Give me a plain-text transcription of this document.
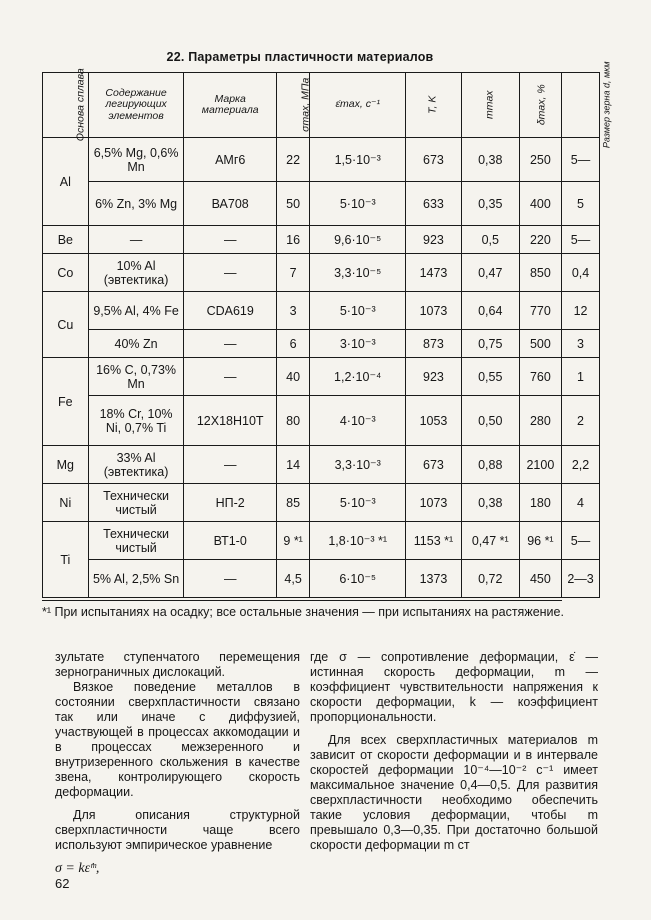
22. Параметры пластичности материалов
Основа сплава	Содержание легирующих элементов	Марка материала	σmax, МПа	ε̇max, с⁻¹	T, K	mmax	δmax, %	Размер зерна d, мкм
Al	6,5% Mg, 0,6% Mn	АМг6	22	1,5·10⁻³	673	0,38	250	5—
	6% Zn, 3% Mg	ВА708	50	5·10⁻³	633	0,35	400	5
Be	—	—	16	9,6·10⁻⁵	923	0,5	220	5—
Co	10% Al (эвтектика)	—	7	3,3·10⁻⁵	1473	0,47	850	0,4
Cu	9,5% Al, 4% Fe	CDA619	3	5·10⁻³	1073	0,64	770	12
	40% Zn	—	6	3·10⁻³	873	0,75	500	3
Fe	16% C, 0,73% Mn	—	40	1,2·10⁻⁴	923	0,55	760	1
	18% Cr, 10% Ni, 0,7% Ti	12Х18Н10Т	80	4·10⁻³	1053	0,50	280	2
Mg	33% Al (эвтектика)	—	14	3,3·10⁻³	673	0,88	2100	2,2
Ni	Технически чистый	НП-2	85	5·10⁻³	1073	0,38	180	4
Ti	Технически чистый	ВТ1-0	9 *¹	1,8·10⁻³ *¹	1153 *¹	0,47 *¹	96 *¹	5—
	5% Al, 2,5% Sn	—	4,5	6·10⁻⁵	1373	0,72	450	2—3
*¹ При испытаниях на осадку; все остальные значения — при испытаниях на растяжение.

зультате ступенчатого перемещения зернограничных дислокаций.

Вязкое поведение металлов в состоянии сверхпластичности связано так или иначе с диффузией, участвующей в процессах аккомодации и в процессах межзеренного и внутризеренного скольжения в качестве звена, контролирующего скорость деформации.

Для описания структурной сверхпластичности чаще всего используют эмпирическое уравнение

σ = kε̇ᵐ,

62

где σ — сопротивление деформации, ε̇ — истинная скорость деформации, m — коэффициент чувствительности напряжения к скорости деформации, k — коэффициент пропорциональности.

Для всех сверхпластичных материалов m зависит от скорости деформации и в интервале скоростей деформации 10⁻⁴—10⁻² с⁻¹ имеет максимальное значение 0,4—0,5. Для развития сверхпластичности необходимо обеспечить такие условия деформации, чтобы m превышало 0,3—0,35. При достаточно большой скорости деформации m ст
